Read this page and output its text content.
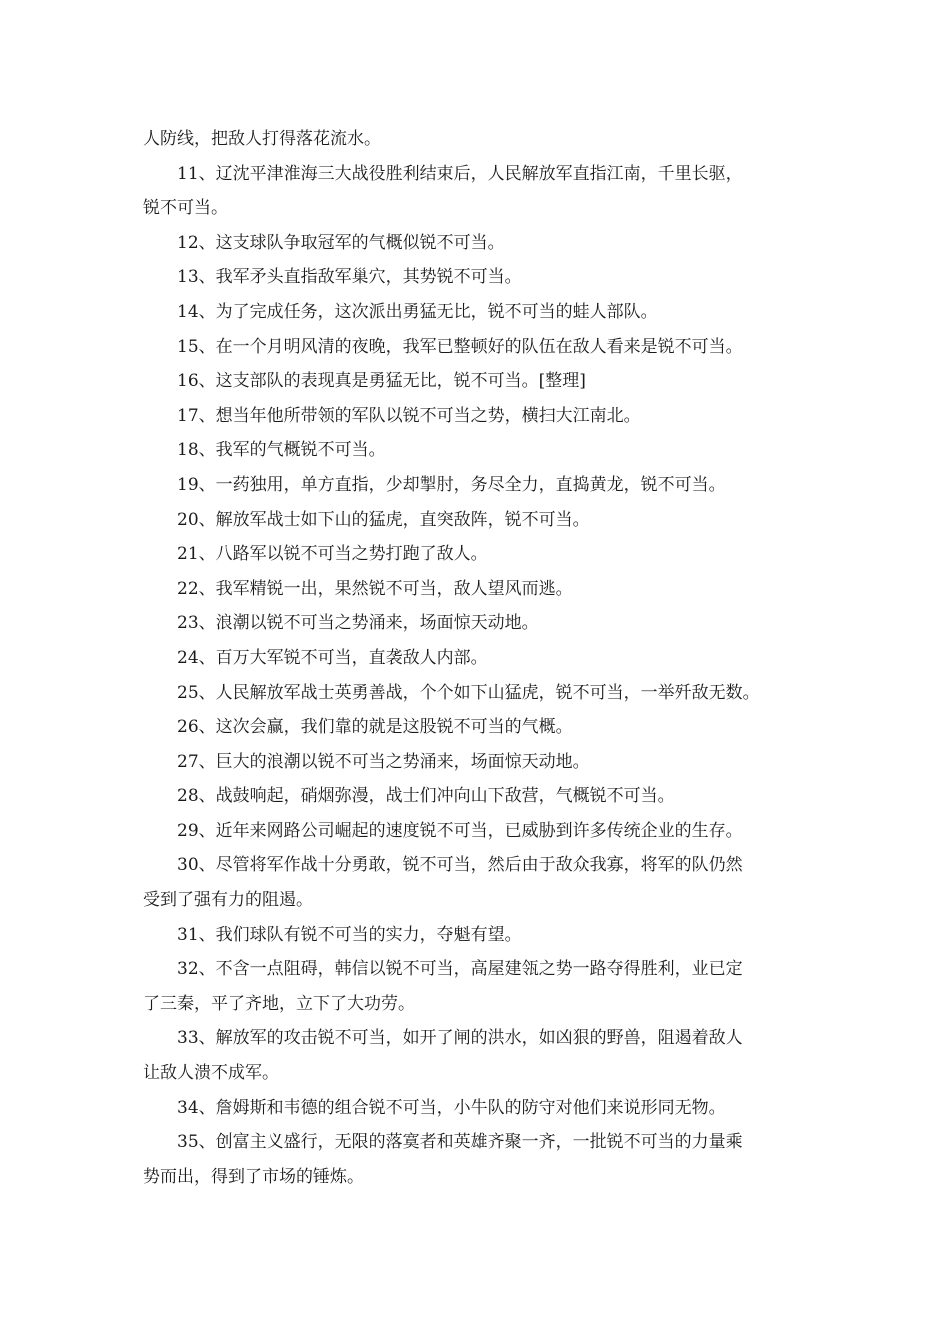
人防线，把敌人打得落花流水。

11、辽沈平津淮海三大战役胜利结束后，人民解放军直指江南，千里长驱，
锐不可当。

12、这支球队争取冠军的气概似锐不可当。

13、我军矛头直指敌军巢穴，其势锐不可当。

14、为了完成任务，这次派出勇猛无比，锐不可当的蛙人部队。

15、在一个月明风清的夜晚，我军已整顿好的队伍在敌人看来是锐不可当。

16、这支部队的表现真是勇猛无比，锐不可当。[整理]

17、想当年他所带领的军队以锐不可当之势，横扫大江南北。

18、我军的气概锐不可当。

19、一药独用，单方直指，少却掣肘，务尽全力，直捣黄龙，锐不可当。

20、解放军战士如下山的猛虎，直突敌阵，锐不可当。

21、八路军以锐不可当之势打跑了敌人。

22、我军精锐一出，果然锐不可当，敌人望风而逃。

23、浪潮以锐不可当之势涌来，场面惊天动地。

24、百万大军锐不可当，直袭敌人内部。

25、人民解放军战士英勇善战，个个如下山猛虎，锐不可当，一举歼敌无数。

26、这次会赢，我们靠的就是这股锐不可当的气概。

27、巨大的浪潮以锐不可当之势涌来，场面惊天动地。

28、战鼓响起，硝烟弥漫，战士们冲向山下敌营，气概锐不可当。

29、近年来网路公司崛起的速度锐不可当，已威胁到许多传统企业的生存。

30、尽管将军作战十分勇敢，锐不可当，然后由于敌众我寡，将军的队仍然
受到了强有力的阻遏。

31、我们球队有锐不可当的实力，夺魁有望。

32、不含一点阻碍，韩信以锐不可当，高屋建瓴之势一路夺得胜利，业已定
了三秦，平了齐地，立下了大功劳。

33、解放军的攻击锐不可当，如开了闸的洪水，如凶狠的野兽，阻遏着敌人
让敌人溃不成军。

34、詹姆斯和韦德的组合锐不可当，小牛队的防守对他们来说形同无物。

35、创富主义盛行，无限的落寞者和英雄齐聚一齐，一批锐不可当的力量乘
势而出，得到了市场的锤炼。
